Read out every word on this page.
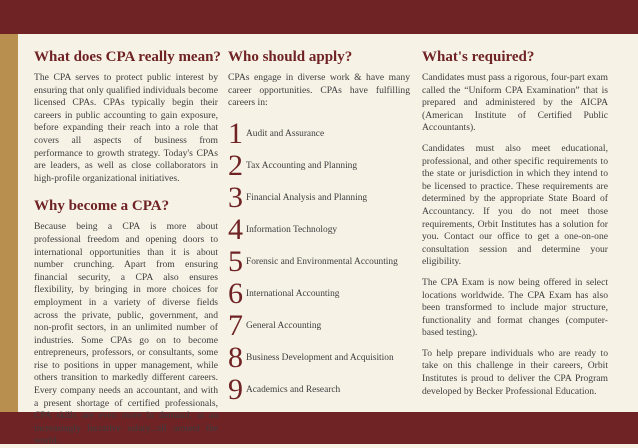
What does CPA really mean?

The CPA serves to protect public interest by ensuring that only qualified individuals become licensed CPAs. CPAs typically begin their careers in public accounting to gain exposure, before expanding their reach into a role that covers all aspects of business from performance to growth strategy. Today's CPAs are leaders, as well as close collaborators in high-profile organizational initiatives.

Why become a CPA?

Because being a CPA is more about professional freedom and opening doors to international opportunities than it is about number crunching. Apart from ensuring financial security, a CPA also ensures flexibility, by bringing in more choices for employment in a variety of diverse fields across the private, public, government, and non-profit sectors, in an unlimited number of industries. Some CPAs go on to become entrepreneurs, professors, or consultants, some rise to positions in upper management, while others transition to markedly different careers. Every company needs an accountant, and with a present shortage of certified professionals, CPA skills are even more in demand, at an increasingly lucrative salary...all around the world.

Who should apply?

CPAs engage in diverse work & have many career opportunities. CPAs have fulfilling careers in:

1 Audit and Assurance
2 Tax Accounting and Planning
3 Financial Analysis and Planning
4 Information Technology
5 Forensic and Environmental Accounting
6 International Accounting
7 General Accounting
8 Business Development and Acquisition
9 Academics and Research
What's required?

Candidates must pass a rigorous, four-part exam called the “Uniform CPA Examination” that is prepared and administered by the AICPA (American Institute of Certified Public Accountants).

Candidates must also meet educational, professional, and other specific requirements to the state or jurisdiction in which they intend to be licensed to practice. These requirements are determined by the appropriate State Board of Accountancy. If you do not meet those requirements, Orbit Institutes has a solution for you. Contact our office to get a one-on-one consultation session and determine your eligibility.

The CPA Exam is now being offered in select locations worldwide. The CPA Exam has also been transformed to include major structure, functionality and format changes (computer-based testing).

To help prepare individuals who are ready to take on this challenge in their careers, Orbit Institutes is proud to deliver the CPA Program developed by Becker Professional Education.
